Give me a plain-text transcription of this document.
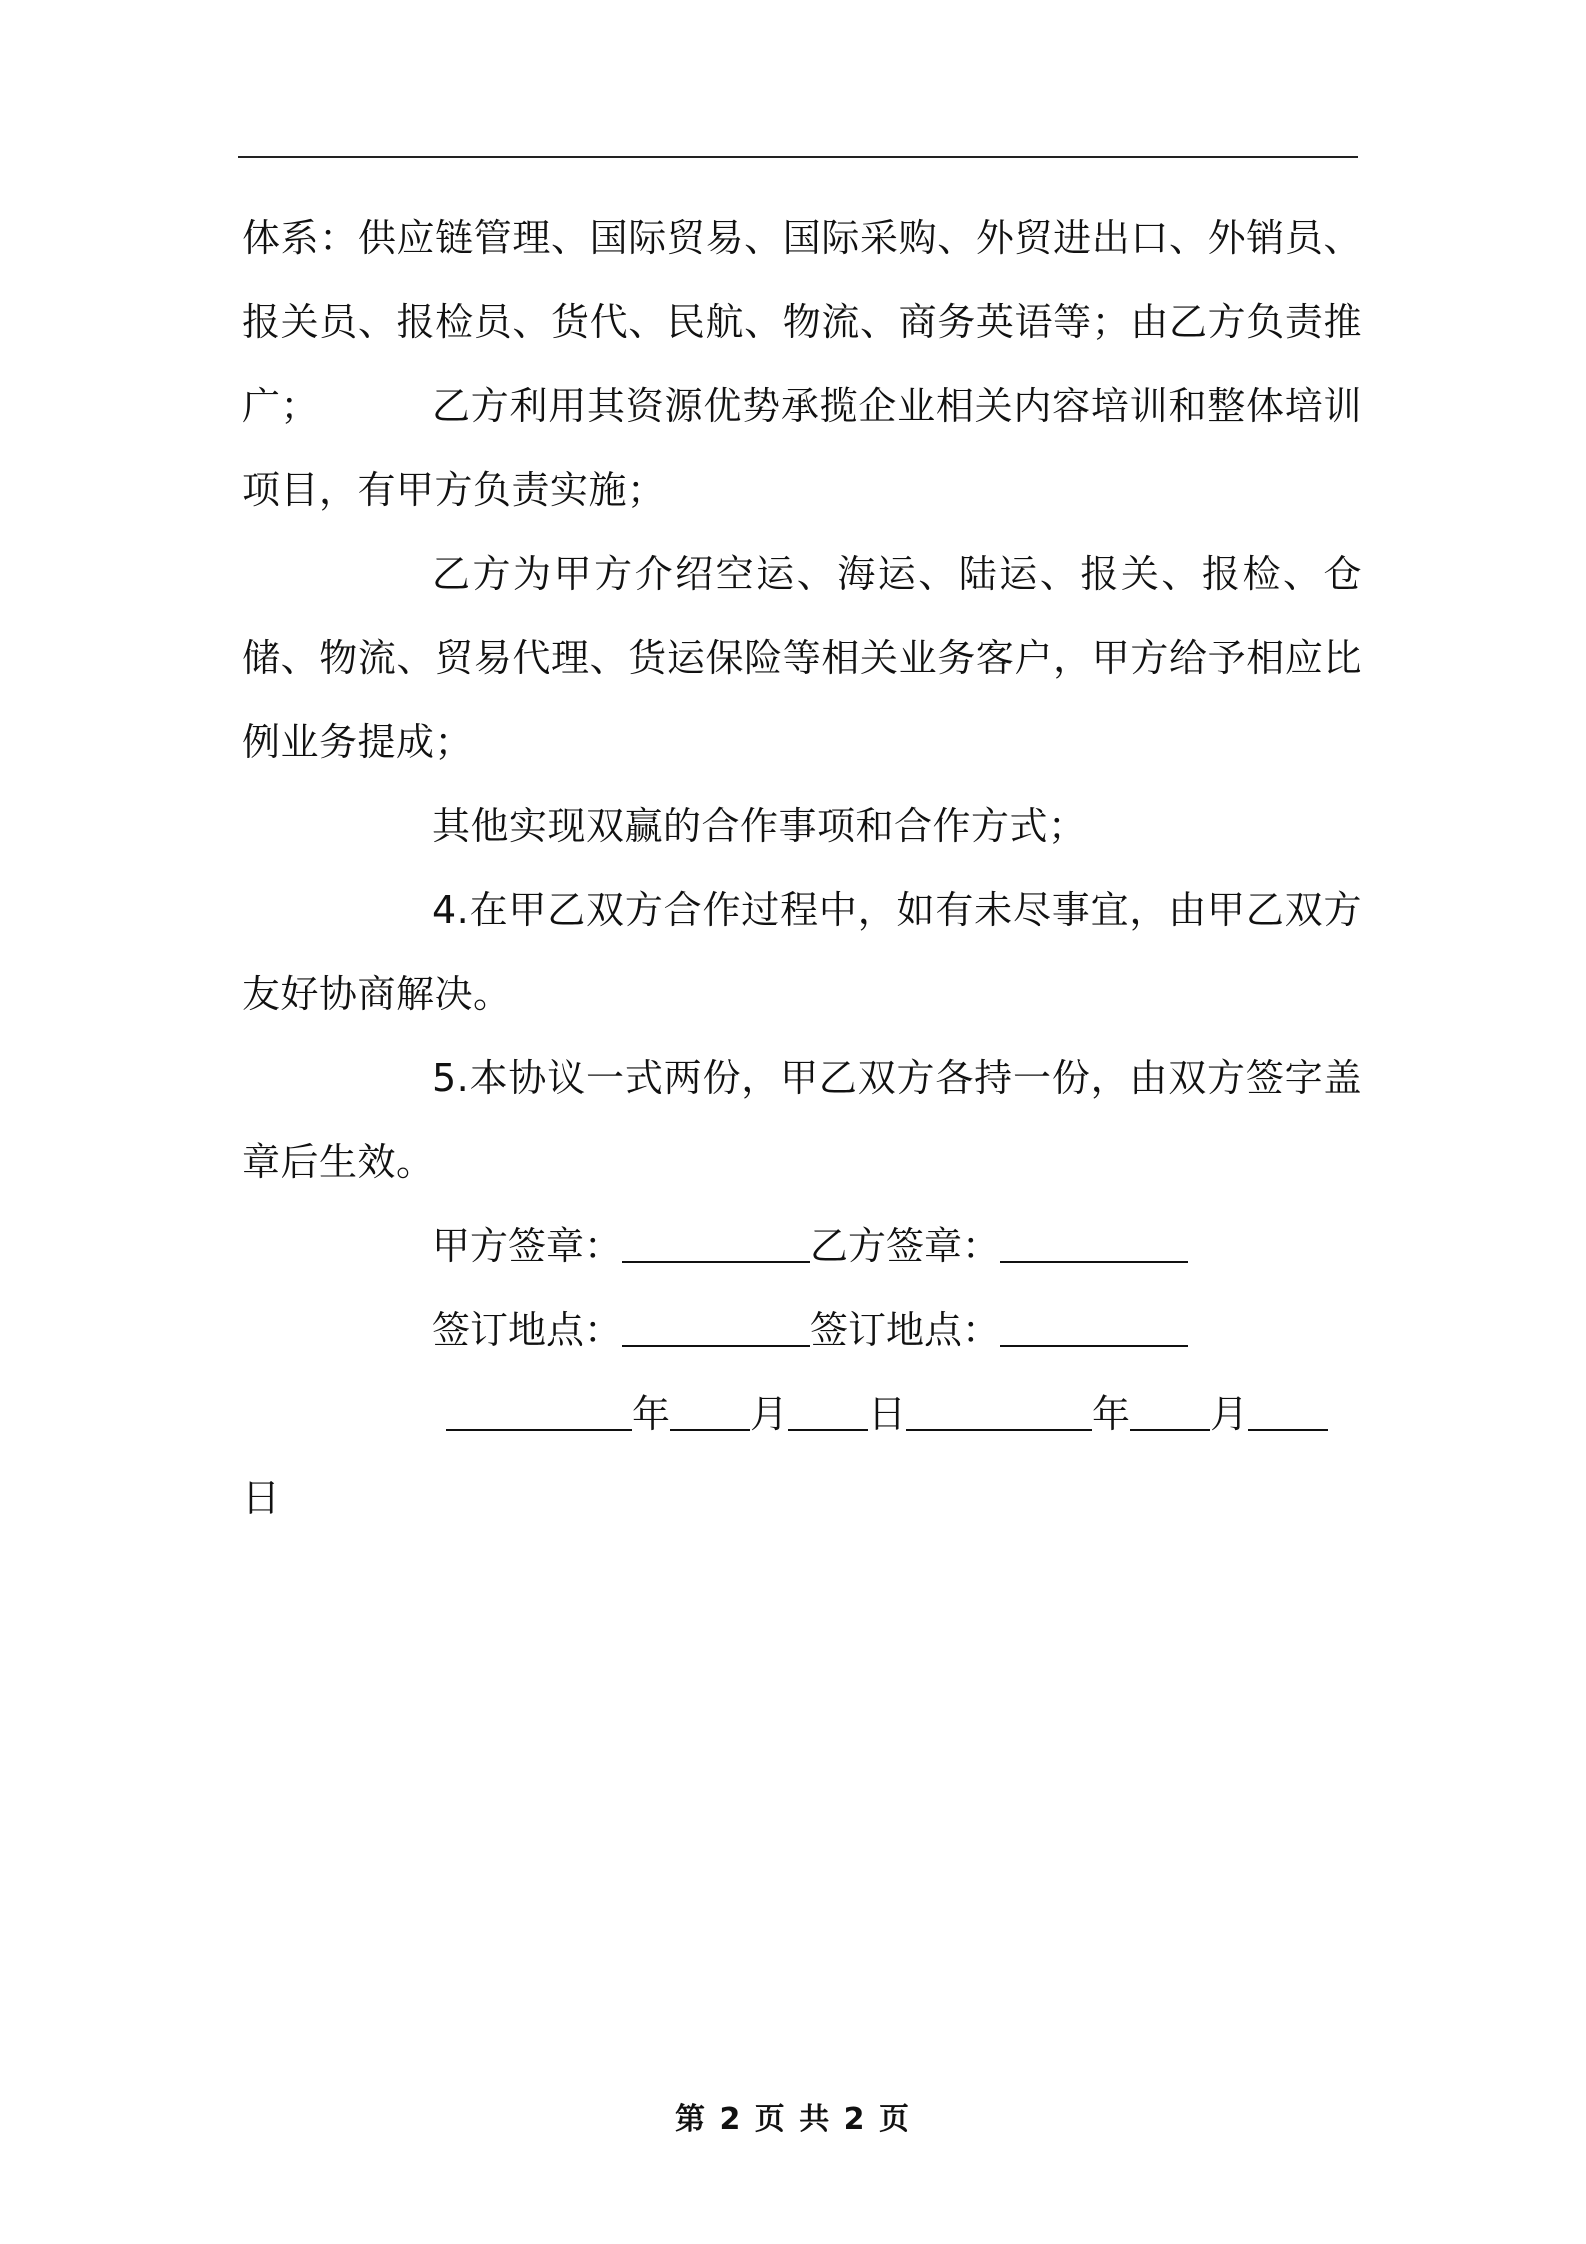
体系：供应链管理、国际贸易、国际采购、外贸进出口、外销员、报关员、报检员、货代、民航、物流、商务英语等；由乙方负责推广；	乙方利用其资源优势承揽企业相关内容培训和整体培训项目，有甲方负责实施；

乙方为甲方介绍空运、海运、陆运、报关、报检、仓储、物流、贸易代理、货运保险等相关业务客户，甲方给予相应比例业务提成；

其他实现双赢的合作事项和合作方式；

4.在甲乙双方合作过程中，如有未尽事宜，由甲乙双方友好协商解决。

5.本协议一式两份，甲乙双方各持一份，由双方签字盖章后生效。

甲方签章：	乙方签章：
签订地点：	签订地点：
年 月 日	年 月
日
第 2 页 共 2 页
